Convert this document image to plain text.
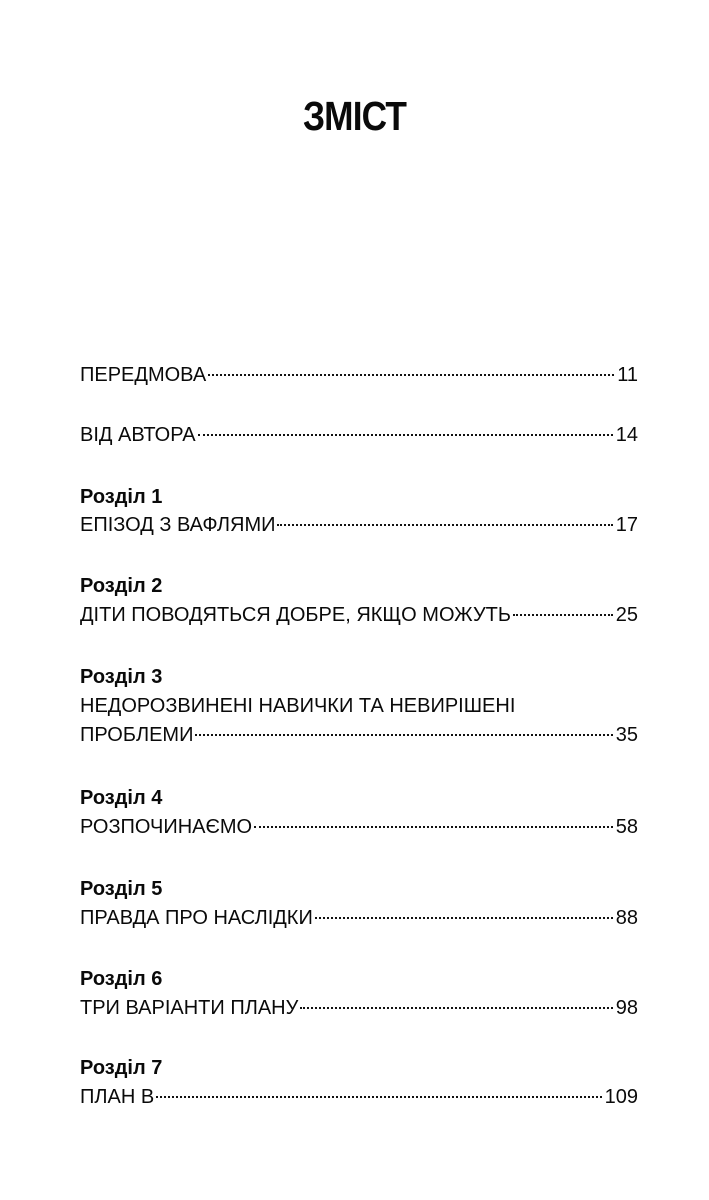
ЗМІСТ
ПЕРЕДМОВА	11
ВІД АВТОРА	14
Розділ 1
ЕПІЗОД З ВАФЛЯМИ	17
Розділ 2
ДІТИ ПОВОДЯТЬСЯ ДОБРЕ, ЯКЩО МОЖУТЬ	25
Розділ 3
НЕДОРОЗВИНЕНІ НАВИЧКИ ТА НЕВИРІШЕНІ
ПРОБЛЕМИ	35
Розділ 4
РОЗПОЧИНАЄМО	58
Розділ 5
ПРАВДА ПРО НАСЛІДКИ	88
Розділ 6
ТРИ ВАРІАНТИ ПЛАНУ	98
Розділ 7
ПЛАН B	109
